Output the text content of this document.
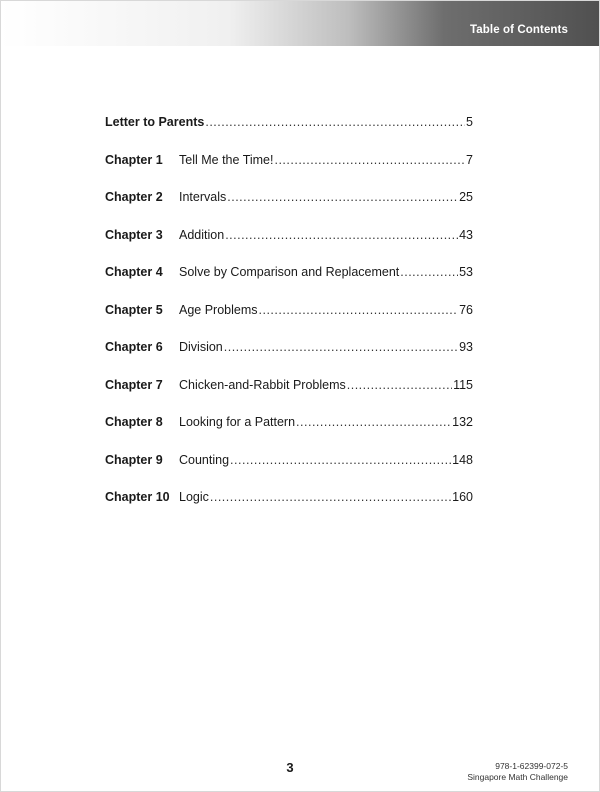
Table of Contents
Letter to Parents .....	5
Chapter 1	Tell Me the Time! .....	7
Chapter 2	Intervals .....	25
Chapter 3	Addition .....	43
Chapter 4	Solve by Comparison and Replacement .....	53
Chapter 5	Age Problems .....	76
Chapter 6	Division .....	93
Chapter 7	Chicken-and-Rabbit Problems .....	115
Chapter 8	Looking for a Pattern .....	132
Chapter 9	Counting .....	148
Chapter 10 Logic .....	160
3	978-1-62399-072-5
Singapore Math Challenge
